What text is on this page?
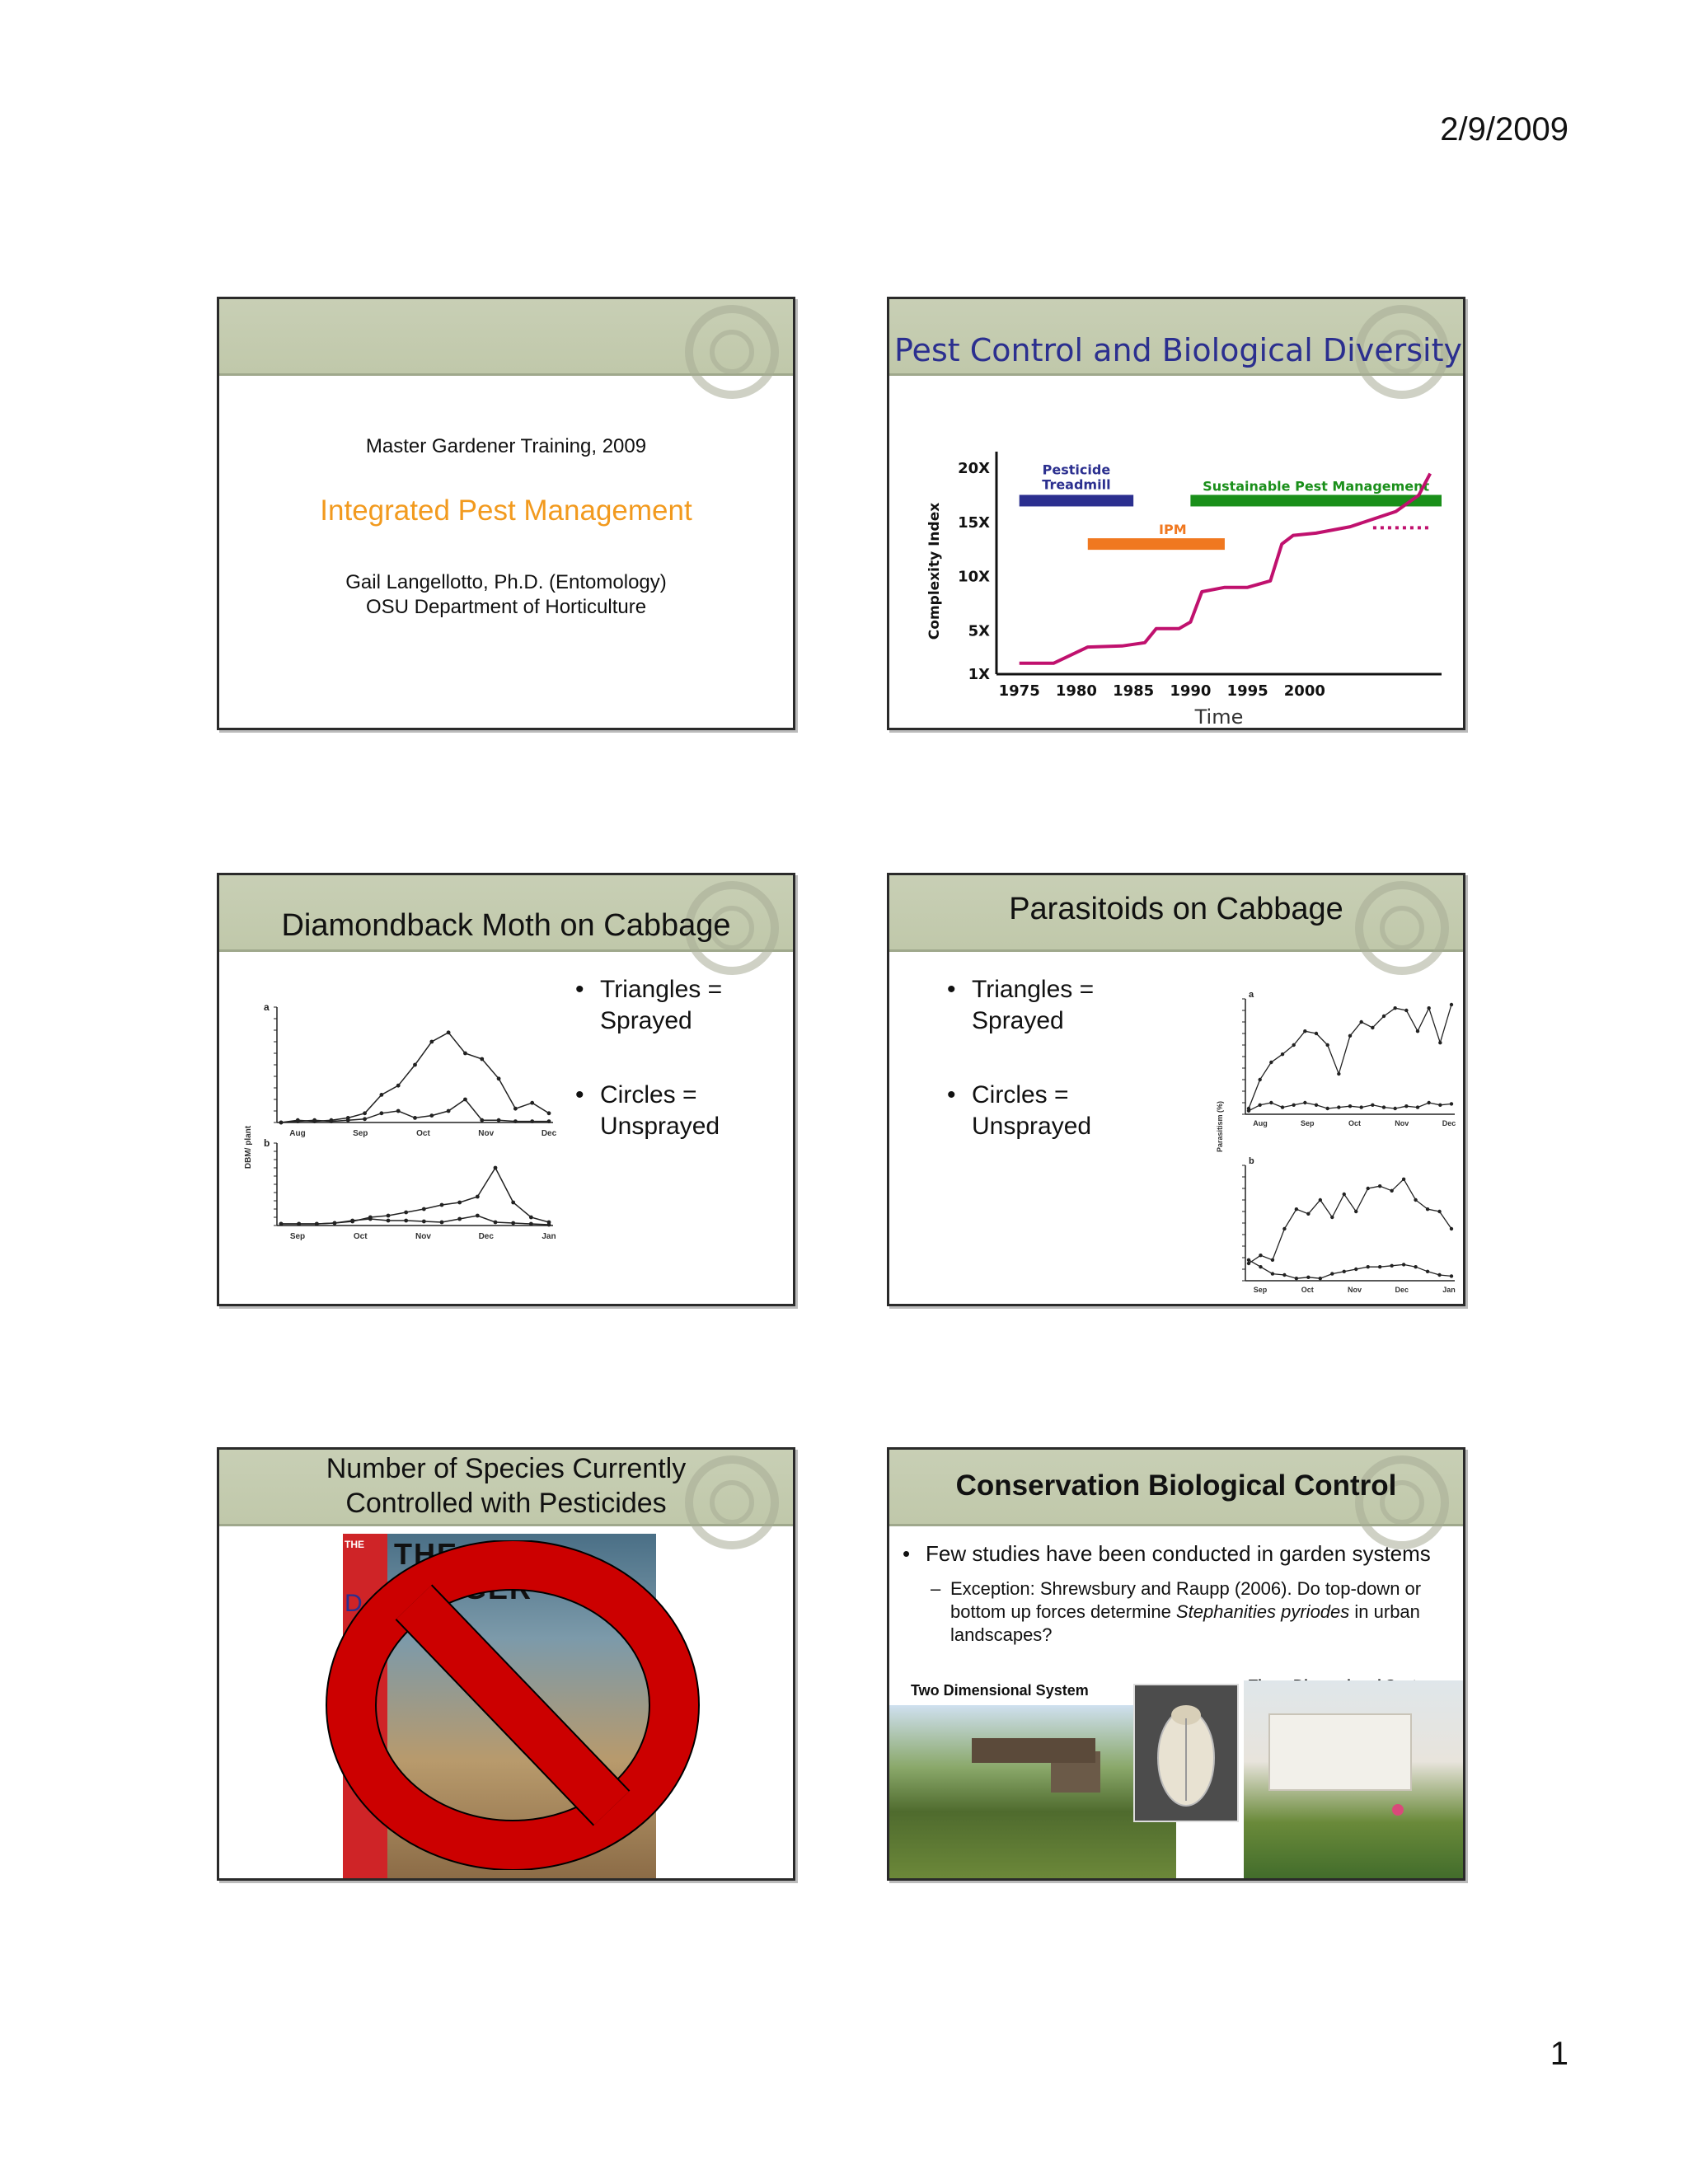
2/9/2009
Master Gardener Training, 2009
Integrated Pest Management
Gail Langellotto, Ph.D. (Entomology)
OSU Department of Horticulture
Pest Control and Biological Diversity
1X
5X
10X
15X
20X
1975 1980 1985 1990 1995 2000
Time
Complexity Index
Pesticide
Treadmill
IPM
Sustainable Pest Management
Diamondback Moth on Cabbage
DBM/ plant
a
Aug	Sep	Oct	Nov	Dec
b
Sep	Oct	Nov	Dec	Jan
• Triangles = Sprayed
• Circles = Unsprayed
Parasitoids on Cabbage
• Triangles = Sprayed
• Circles = Unsprayed	Parasitism (%)
a
Aug	Sep	Oct	Nov	Dec
b
Sep	Oct	Nov	Dec	Jan
Number of Species Currently
Controlled with Pesticides
THE LONE RANGER
STRIKER
THE
D
Conservation Biological Control
• Few studies have been conducted in garden systems
– Exception: Shrewsbury and Raupp (2006). Do top-down or bottom up forces determine Stephanities pyriodes in urban landscapes?
Two Dimensional System
1
